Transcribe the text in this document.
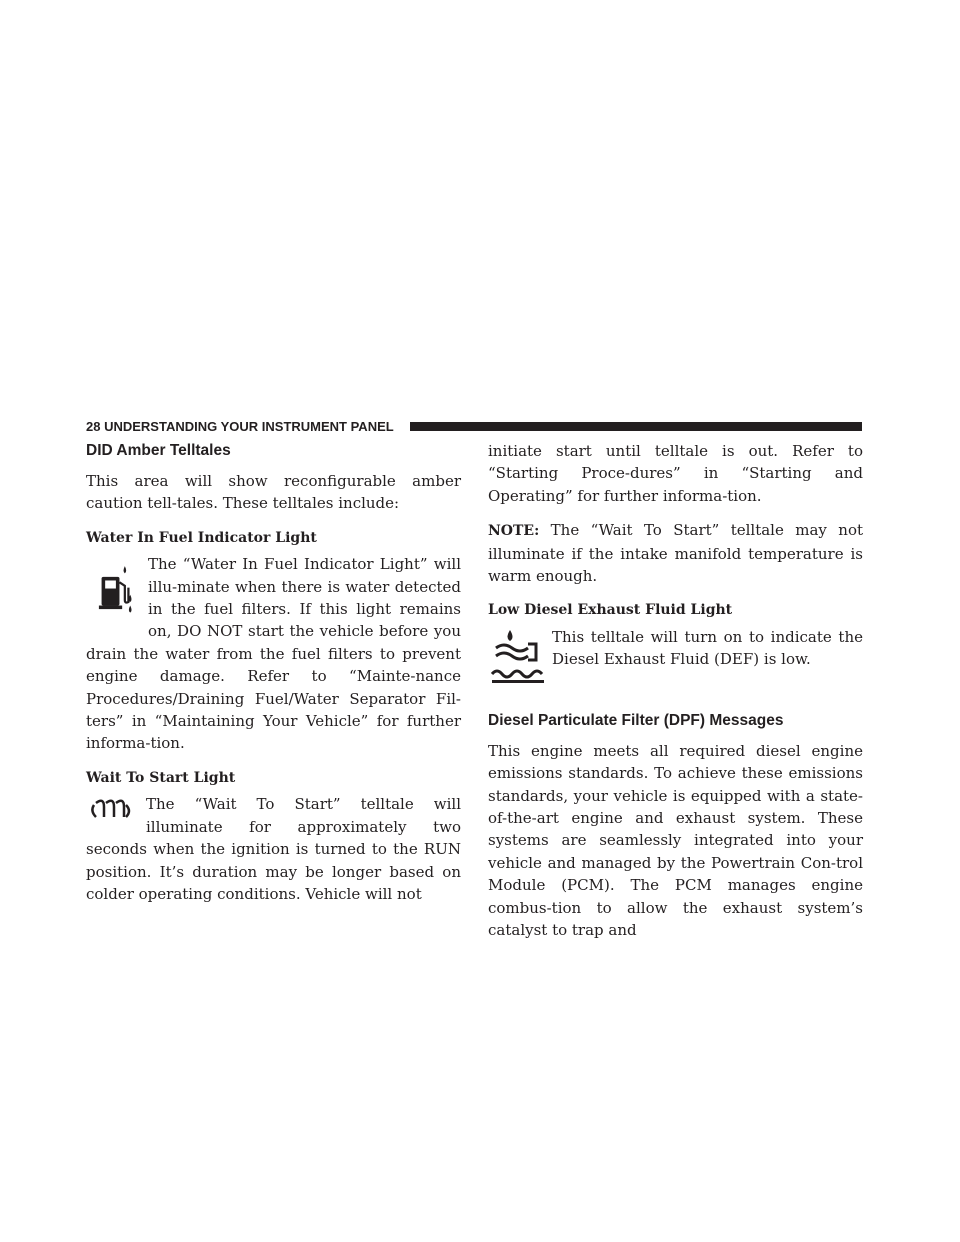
28 UNDERSTANDING YOUR INSTRUMENT PANEL
DID Amber Telltales

This area will show reconfigurable amber caution tell-tales. These telltales include:

Water In Fuel Indicator Light

The “Water In Fuel Indicator Light” will illu-minate when there is water detected in the fuel filters. If this light remains on, DO NOT start the vehicle before you drain the water from the fuel filters to prevent engine damage. Refer to “Mainte-nance Procedures/Draining Fuel/Water Separator Fil-ters” in “Maintaining Your Vehicle” for further informa-tion.

Wait To Start Light

The “Wait To Start” telltale will illuminate for approximately two seconds when the ignition is turned to the RUN position. It’s duration may be longer based on colder operating conditions. Vehicle will not

initiate start until telltale is out. Refer to “Starting Proce-dures” in “Starting and Operating” for further informa-tion.

NOTE: The “Wait To Start” telltale may not illuminate if the intake manifold temperature is warm enough.

Low Diesel Exhaust Fluid Light

This telltale will turn on to indicate the Diesel Exhaust Fluid (DEF) is low.

Diesel Particulate Filter (DPF) Messages

This engine meets all required diesel engine emissions standards. To achieve these emissions standards, your vehicle is equipped with a state-of-the-art engine and exhaust system. These systems are seamlessly integrated into your vehicle and managed by the Powertrain Con-trol Module (PCM). The PCM manages engine combus-tion to allow the exhaust system’s catalyst to trap and
